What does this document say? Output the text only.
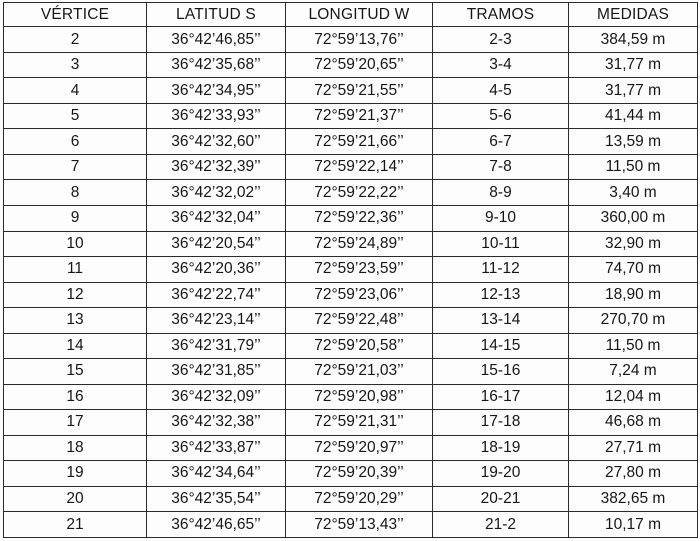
VÉRTICE	LATITUD S	LONGITUD W	TRAMOS	MEDIDAS
2	36°42’46,85’’	72°59’13,76’’	2-3	384,59 m
3	36°42’35,68’’	72°59’20,65’’	3-4	31,77 m
4	36°42’34,95’’	72°59’21,55’’	4-5	31,77 m
5	36°42’33,93’’	72°59’21,37’’	5-6	41,44 m
6	36°42’32,60’’	72°59’21,66’’	6-7	13,59 m
7	36°42’32,39’’	72°59’22,14’’	7-8	11,50 m
8	36°42’32,02’’	72°59’22,22’’	8-9	3,40 m
9	36°42’32,04’’	72°59’22,36’’	9-10	360,00 m
10	36°42’20,54’’	72°59’24,89’’	10-11	32,90 m
11	36°42’20,36’’	72°59’23,59’’	11-12	74,70 m
12	36°42’22,74’’	72°59’23,06’’	12-13	18,90 m
13	36°42’23,14’’	72°59’22,48’’	13-14	270,70 m
14	36°42’31,79’’	72°59’20,58’’	14-15	11,50 m
15	36°42’31,85’’	72°59’21,03’’	15-16	7,24 m
16	36°42’32,09’’	72°59’20,98’’	16-17	12,04 m
17	36°42’32,38’’	72°59’21,31’’	17-18	46,68 m
18	36°42’33,87’’	72°59’20,97’’	18-19	27,71 m
19	36°42’34,64’’	72°59’20,39’’	19-20	27,80 m
20	36°42’35,54’’	72°59’20,29’’	20-21	382,65 m
21	36°42’46,65’’	72°59’13,43’’	21-2	10,17 m
